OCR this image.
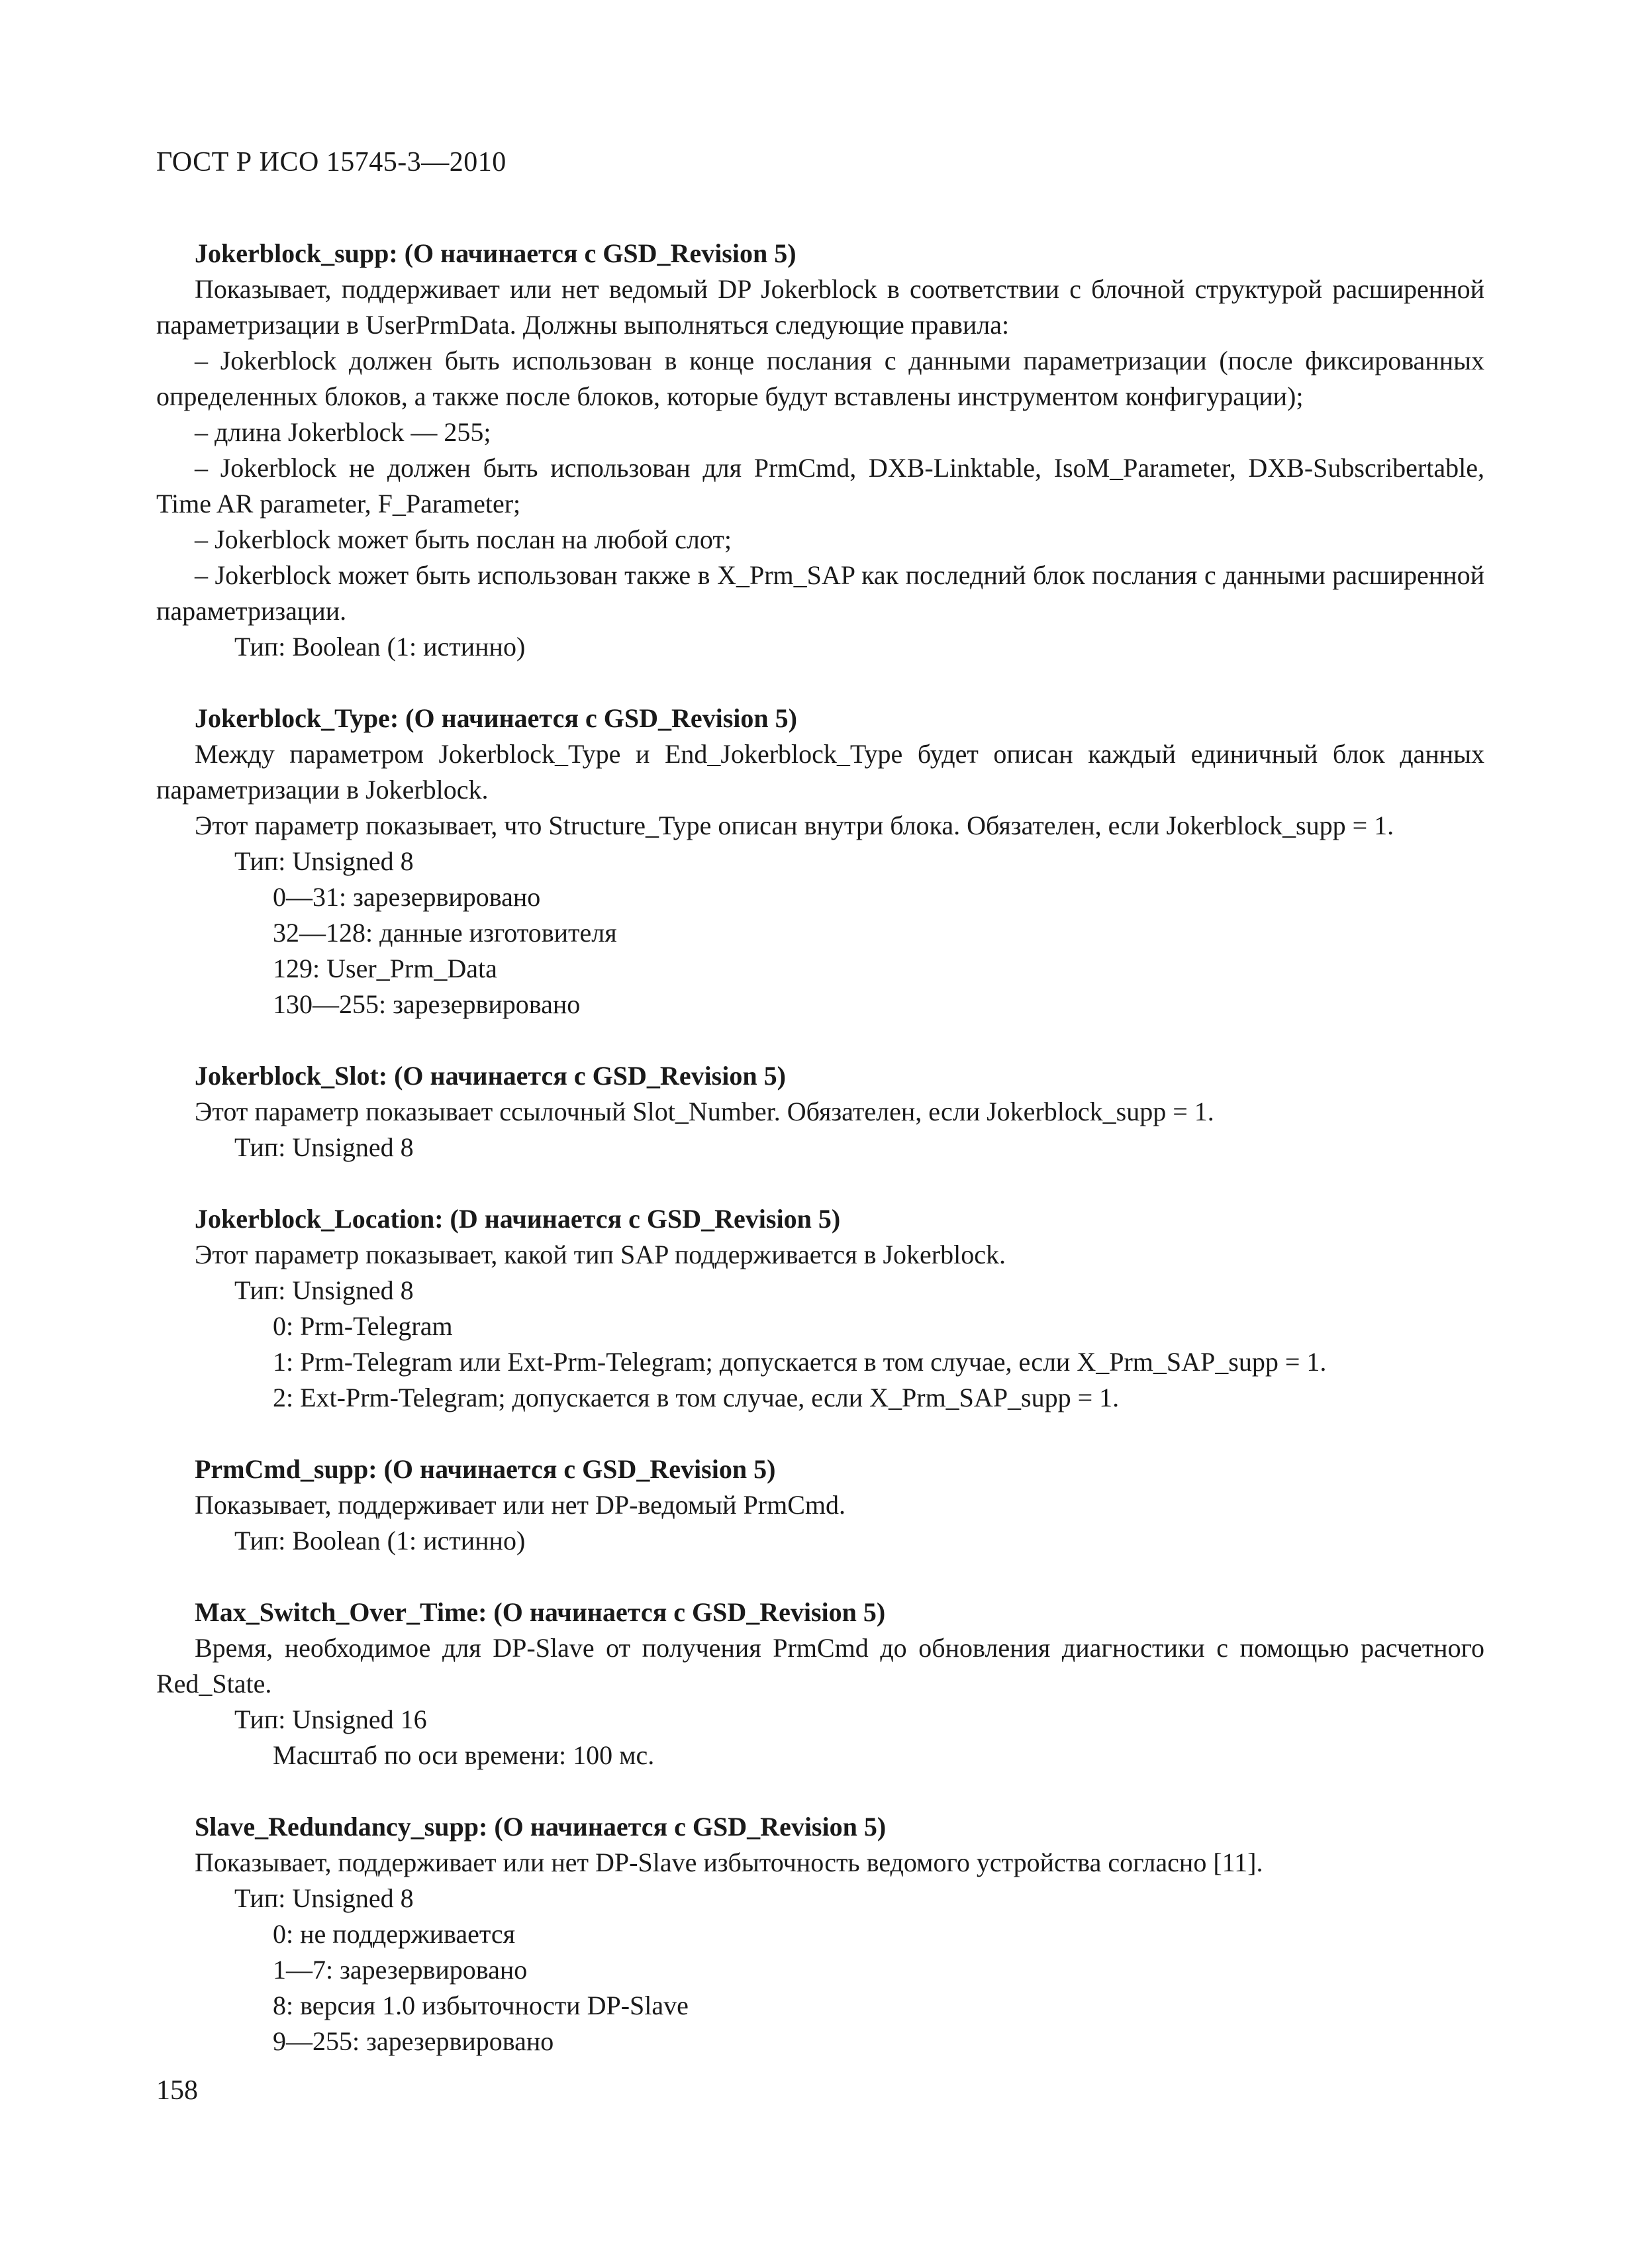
ГОСТ Р ИСО 15745-3—2010
Jokerblock_supp: (О начинается с GSD_Revision 5)
Показывает, поддерживает или нет ведомый DP Jokerblock в соответствии с блочной структурой расширенной параметризации в UserPrmData. Должны выполняться следующие правила:
– Jokerblock должен быть использован в конце послания с данными параметризации (после фиксированных определенных блоков, а также после блоков, которые будут вставлены инструментом конфигурации);
– длина Jokerblock — 255;
– Jokerblock не должен быть использован для PrmCmd, DXB-Linktable, IsoM_Parameter, DXB-Subscribertable, Time AR parameter, F_Parameter;
– Jokerblock может быть послан на любой слот;
– Jokerblock может быть использован также в X_Prm_SAP как последний блок послания с данными расширенной параметризации.
Тип: Boolean (1: истинно)
Jokerblock_Type: (О начинается с GSD_Revision 5)
Между параметром Jokerblock_Type и End_Jokerblock_Type будет описан каждый единичный блок данных параметризации в Jokerblock.
Этот параметр показывает, что Structure_Type описан внутри блока. Обязателен, если Jokerblock_supp = 1.
Тип: Unsigned 8
0—31: зарезервировано
32—128: данные изготовителя
129: User_Prm_Data
130—255: зарезервировано
Jokerblock_Slot: (О начинается с GSD_Revision 5)
Этот параметр показывает ссылочный Slot_Number. Обязателен, если Jokerblock_supp = 1.
Тип: Unsigned 8
Jokerblock_Location: (D начинается с GSD_Revision 5)
Этот параметр показывает, какой тип SAP поддерживается в Jokerblock.
Тип: Unsigned 8
0: Prm-Telegram
1: Prm-Telegram или Ext-Prm-Telegram; допускается в том случае, если X_Prm_SAP_supp = 1.
2: Ext-Prm-Telegram; допускается в том случае, если X_Prm_SAP_supp = 1.
PrmCmd_supp: (О начинается с GSD_Revision 5)
Показывает, поддерживает или нет DP-ведомый PrmCmd.
Тип: Boolean (1: истинно)
Max_Switch_Over_Time: (О начинается с GSD_Revision 5)
Время, необходимое для DP-Slave от получения PrmCmd до обновления диагностики с помощью расчетного Red_State.
Тип: Unsigned 16
Масштаб по оси времени: 100 мс.
Slave_Redundancy_supp: (О начинается с GSD_Revision 5)
Показывает, поддерживает или нет DP-Slave избыточность ведомого устройства согласно [11].
Тип: Unsigned 8
0: не поддерживается
1—7: зарезервировано
8: версия 1.0 избыточности DP-Slave
9—255: зарезервировано
158
